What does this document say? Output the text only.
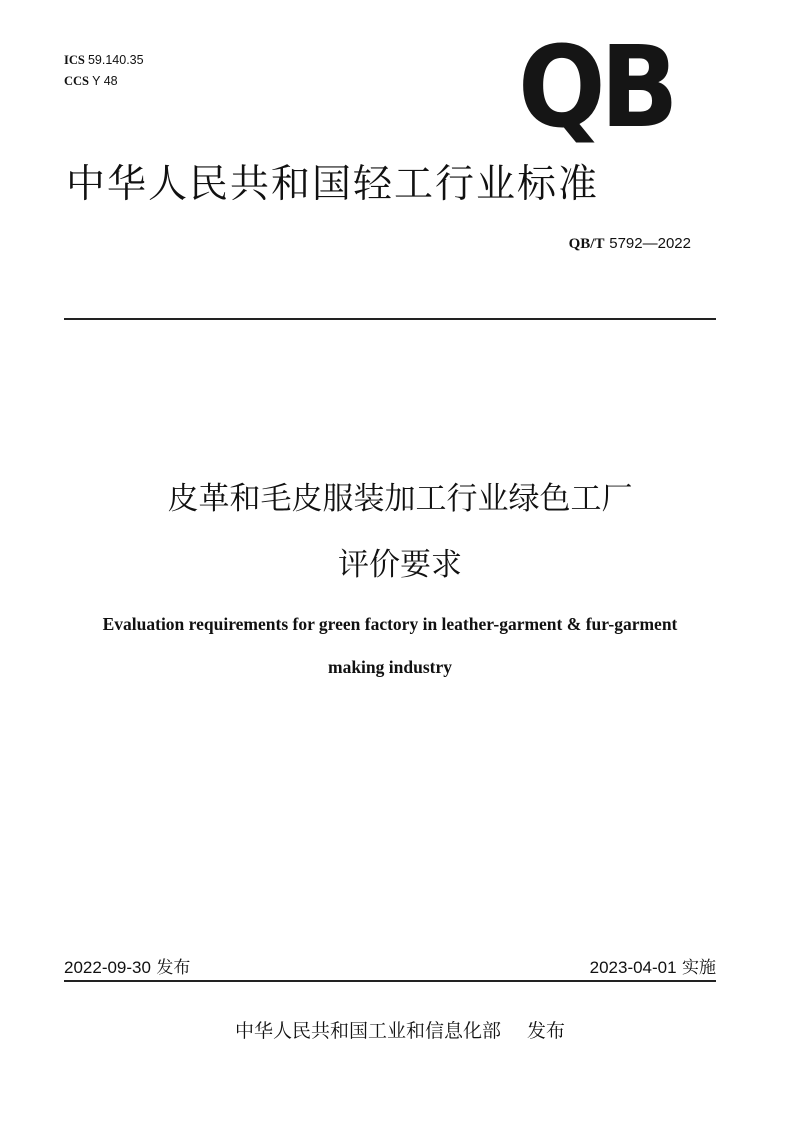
ICS 59.140.35
CCS Y 48	QB
中华人民共和国轻工行业标准
QB/T 5792—2022
皮革和毛皮服装加工行业绿色工厂
评价要求
Evaluation requirements for green factory in leather-garment & fur-garment
making industry
2022-09-30 发布	2023-04-01 实施
中华人民共和国工业和信息化部 发布
